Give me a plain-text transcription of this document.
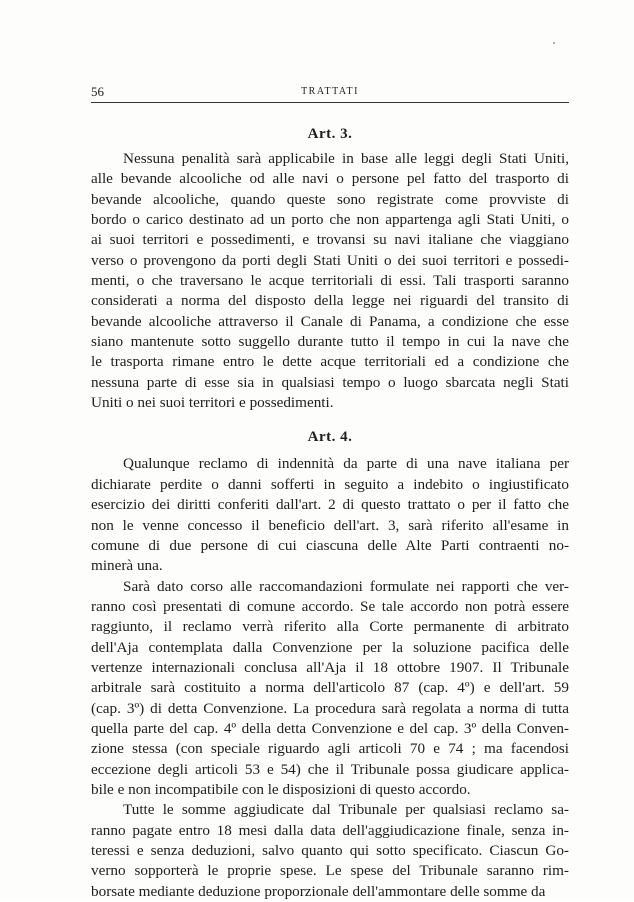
56	TRATTATI
Art. 3.
Nessuna penalità sarà applicabile in base alle leggi degli Stati Uniti,
alle bevande alcooliche od alle navi o persone pel fatto del trasporto di
bevande alcooliche, quando queste sono registrate come provviste di
bordo o carico destinato ad un porto che non appartenga agli Stati Uniti, o
ai suoi territori e possedimenti, e trovansi su navi italiane che viaggiano
verso o provengono da porti degli Stati Uniti o dei suoi territori e possedi-
menti, o che traversano le acque territoriali di essi. Tali trasporti saranno
considerati a norma del disposto della legge nei riguardi del transito di
bevande alcooliche attraverso il Canale di Panama, a condizione che esse
siano mantenute sotto suggello durante tutto il tempo in cui la nave che
le trasporta rimane entro le dette acque territoriali ed a condizione che
nessuna parte di esse sia in qualsiasi tempo o luogo sbarcata negli Stati
Uniti o nei suoi territori e possedimenti.
Art. 4.
Qualunque reclamo di indennità da parte di una nave italiana per
dichiarate perdite o danni sofferti in seguito a indebito o ingiustificato
esercizio dei diritti conferiti dall'art. 2 di questo trattato o per il fatto che
non le venne concesso il beneficio dell'art. 3, sarà riferito all'esame in
comune di due persone di cui ciascuna delle Alte Parti contraenti no-
minerà una.
Sarà dato corso alle raccomandazioni formulate nei rapporti che ver-
ranno così presentati di comune accordo. Se tale accordo non potrà essere
raggiunto, il reclamo verrà riferito alla Corte permanente di arbitrato
dell'Aja contemplata dalla Convenzione per la soluzione pacifica delle
vertenze internazionali conclusa all'Aja il 18 ottobre 1907. Il Tribunale
arbitrale sarà costituito a norma dell'articolo 87 (cap. 4º) e dell'art. 59
(cap. 3º) di detta Convenzione. La procedura sarà regolata a norma di tutta
quella parte del cap. 4º della detta Convenzione e del cap. 3º della Conven-
zione stessa (con speciale riguardo agli articoli 70 e 74 ; ma facendosi
eccezione degli articoli 53 e 54) che il Tribunale possa giudicare applica-
bile e non incompatibile con le disposizioni di questo accordo.
Tutte le somme aggiudicate dal Tribunale per qualsiasi reclamo sa-
ranno pagate entro 18 mesi dalla data dell'aggiudicazione finale, senza in-
teressi e senza deduzioni, salvo quanto qui sotto specificato. Ciascun Go-
verno sopporterà le proprie spese. Le spese del Tribunale saranno rim-
borsate mediante deduzione proporzionale dell'ammontare delle somme da
